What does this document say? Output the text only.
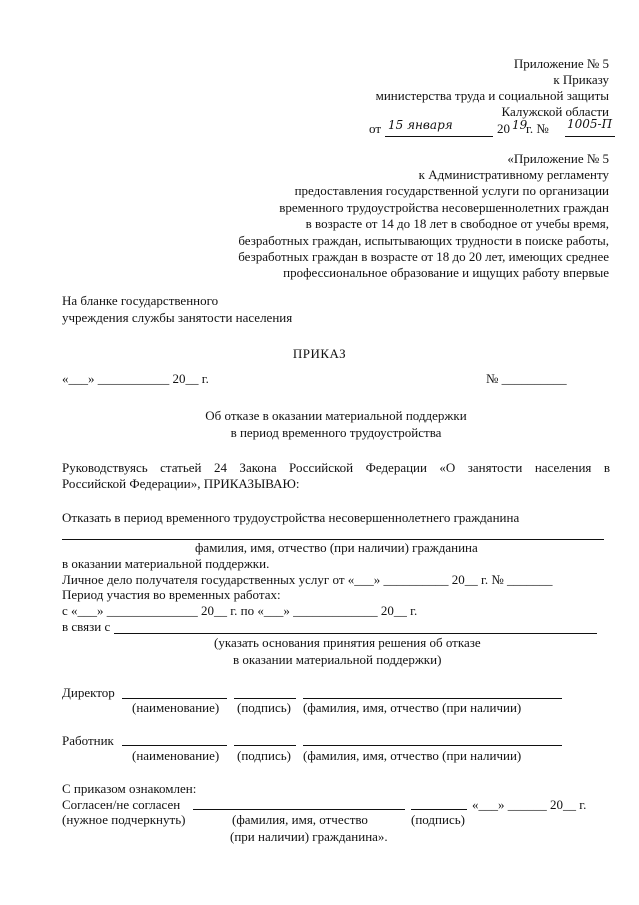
Приложение № 5
к Приказу
министерства труда и социальной защиты
Калужской области
от 15 января	20 19
г. № 1005-П
«Приложение № 5
к Административному регламенту
предоставления государственной услуги по организации
временного трудоустройства несовершеннолетних граждан
в возрасте от 14 до 18 лет в свободное от учебы время,
безработных граждан, испытывающих трудности в поиске работы,
безработных граждан в возрасте от 18 до 20 лет, имеющих среднее
профессиональное образование и ищущих работу впервые
На бланке государственного
учреждения службы занятости населения
ПРИКАЗ
«___» ___________ 20__ г.	№ __________
Об отказе в оказании материальной поддержки
в период временного трудоустройства
Руководствуясь статьей 24 Закона Российской Федерации «О занятости населения в
Российской Федерации», ПРИКАЗЫВАЮ:
Отказать в период временного трудоустройства несовершеннолетнего гражданина
фамилия, имя, отчество (при наличии) гражданина
в оказании материальной поддержки.
Личное дело получателя государственных услуг от «___» __________ 20__ г. № _______
Период участия во временных работах:
с «___» ______________ 20__ г. по «___» _____________ 20__ г.
в связи с
(указать основания принятия решения об отказе
в оказании материальной поддержки)
Директор
(наименование) (подпись) (фамилия, имя, отчество (при наличии)
Работник
(наименование) (подпись) (фамилия, имя, отчество (при наличии)
С приказом ознакомлен:
Согласен/не согласен	«___» ______ 20__ г.
(нужное подчеркнуть)	(фамилия, имя, отчество	(подпись)
(при наличии) гражданина».
